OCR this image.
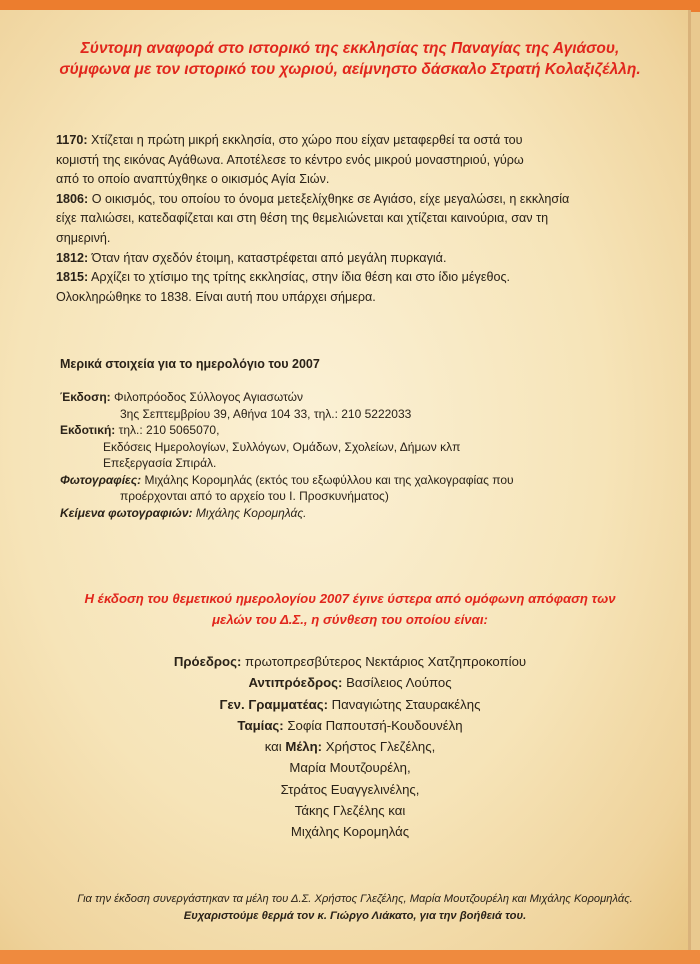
Σύντομη αναφορά στο ιστορικό της εκκλησίας της Παναγίας της Αγιάσου,
σύμφωνα με τον ιστορικό του χωριού, αείμνηστο δάσκαλο Στρατή Κολαξιζέλλη.
1170: Χτίζεται η πρώτη μικρή εκκλησία, στο χώρο που είχαν μεταφερθεί τα οστά του
κομιστή της εικόνας Αγάθωνα. Αποτέλεσε το κέντρο ενός μικρού μοναστηριού, γύρω
από το οποίο αναπτύχθηκε ο οικισμός Αγία Σιών.
1806: Ο οικισμός, του οποίου το όνομα μετεξελίχθηκε σε Αγιάσο, είχε μεγαλώσει, η εκκλησία
είχε παλιώσει, κατεδαφίζεται και στη θέση της θεμελιώνεται και χτίζεται καινούρια, σαν τη
σημερινή.
1812: Όταν ήταν σχεδόν έτοιμη, καταστρέφεται από μεγάλη πυρκαγιά.
1815: Αρχίζει το χτίσιμο της τρίτης εκκλησίας, στην ίδια θέση και στο ίδιο μέγεθος.
Ολοκληρώθηκε το 1838. Είναι αυτή που υπάρχει σήμερα.
Μερικά στοιχεία για το ημερολόγιο του 2007
Έκδοση: Φιλοπρόοδος Σύλλογος Αγιασωτών
3ης Σεπτεμβρίου 39, Αθήνα 104 33, τηλ.: 210 5222033
Εκδοτική: τηλ.: 210 5065070,
Εκδόσεις Ημερολογίων, Συλλόγων, Ομάδων, Σχολείων, Δήμων κλπ
Επεξεργασία Σπιράλ.
Φωτογραφίες: Μιχάλης Κορομηλάς (εκτός του εξωφύλλου και της χαλκογραφίας που
προέρχονται από το αρχείο του Ι. Προσκυνήματος)
Κείμενα φωτογραφιών: Μιχάλης Κορομηλάς.
Η έκδοση του θεμετικού ημερολογίου 2007 έγινε ύστερα από ομόφωνη απόφαση των
μελών του Δ.Σ., η σύνθεση του οποίου είναι:
Πρόεδρος: πρωτοπρεσβύτερος Νεκτάριος Χατζηπροκοπίου
Αντιπρόεδρος: Βασίλειος Λούπος
Γεν. Γραμματέας: Παναγιώτης Σταυρακέλης
Ταμίας: Σοφία Παπουτσή-Κουδουνέλη
και Μέλη: Χρήστος Γλεζέλης,
Μαρία Μουτζουρέλη,
Στράτος Ευαγγελινέλης,
Τάκης Γλεζέλης και
Μιχάλης Κορομηλάς
Για την έκδοση συνεργάστηκαν τα μέλη του Δ.Σ. Χρήστος Γλεζέλης, Μαρία Μουτζουρέλη και Μιχάλης Κορομηλάς.
Ευχαριστούμε θερμά τον κ. Γιώργο Λιάκατο, για την βοήθειά του.
